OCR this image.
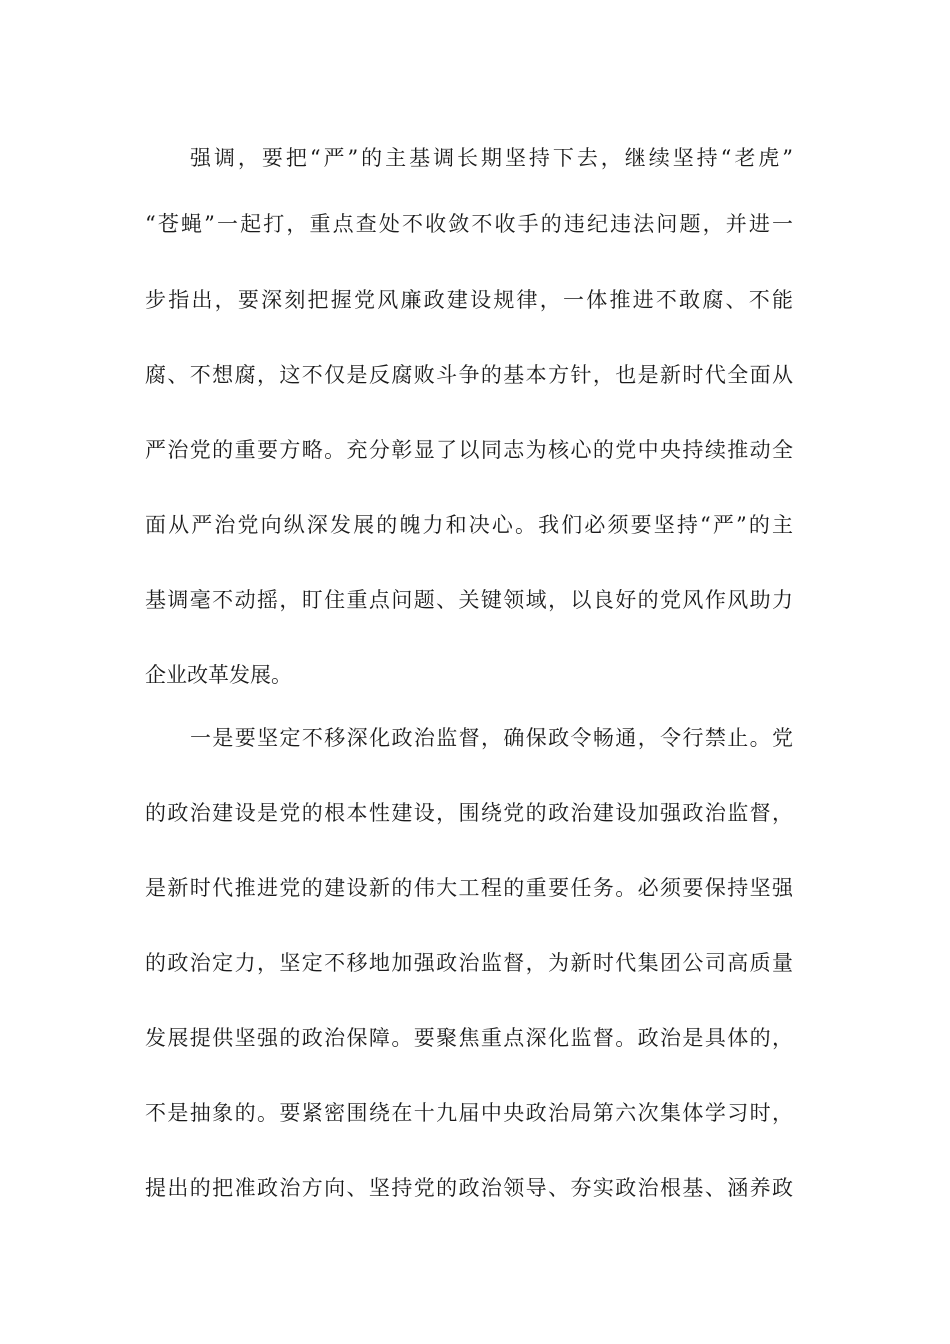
强调，要把“严”的主基调长期坚持下去，继续坚持“老虎”
“苍蝇”一起打，重点查处不收敛不收手的违纪违法问题，并进一
步指出，要深刻把握党风廉政建设规律，一体推进不敢腐、不能
腐、不想腐，这不仅是反腐败斗争的基本方针，也是新时代全面从
严治党的重要方略。充分彰显了以同志为核心的党中央持续推动全
面从严治党向纵深发展的魄力和决心。我们必须要坚持“严”的主
基调毫不动摇，盯住重点问题、关键领域，以良好的党风作风助力
企业改革发展。
一是要坚定不移深化政治监督，确保政令畅通，令行禁止。党
的政治建设是党的根本性建设，围绕党的政治建设加强政治监督，
是新时代推进党的建设新的伟大工程的重要任务。必须要保持坚强
的政治定力，坚定不移地加强政治监督，为新时代集团公司高质量
发展提供坚强的政治保障。要聚焦重点深化监督。政治是具体的，
不是抽象的。要紧密围绕在十九届中央政治局第六次集体学习时，
提出的把准政治方向、坚持党的政治领导、夯实政治根基、涵养政
